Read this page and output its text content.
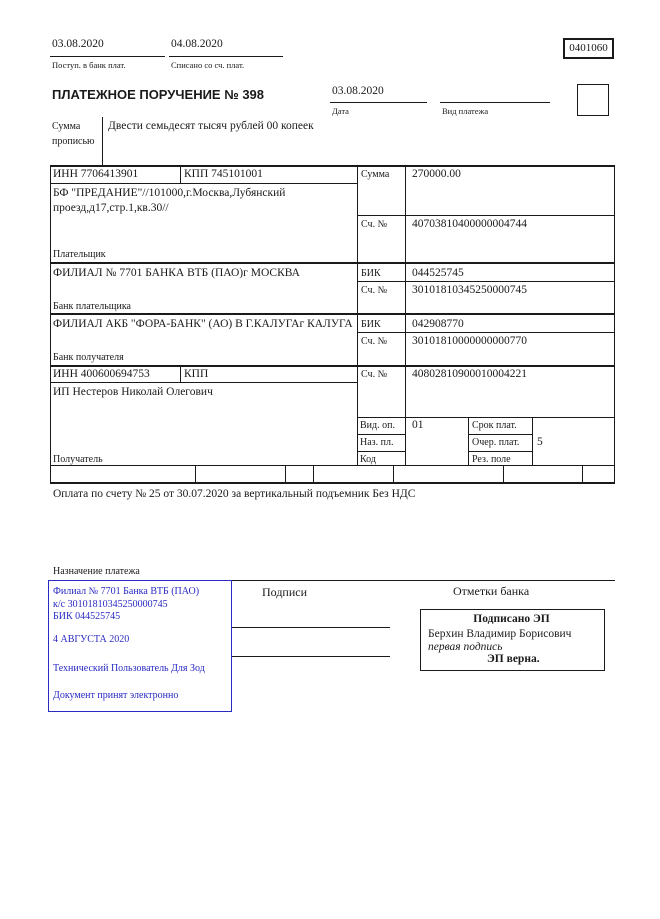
03.08.2020
Поступ. в банк плат.
04.08.2020
Списано со сч. плат.
0401060
ПЛАТЕЖНОЕ ПОРУЧЕНИЕ № 398	03.08.2020
Дата	Вид платежа
Сумма прописью
Двести семьдесят тысяч рублей 00 копеек
ИНН 7706413901	КПП 745101001
БФ "ПРЕДАНИЕ"//101000,г.Москва,Лубянский проезд,д17,стр.1,кв.30//
Плательщик
Сумма 270000.00
Сч. № 40703810400000004744
ФИЛИАЛ № 7701 БАНКА ВТБ (ПАО)г МОСКВА	БИК	044525745
Сч. № 30101810345250000745
Банк плательщика
ФИЛИАЛ АКБ "ФОРА-БАНК" (АО) В Г.КАЛУГАг КАЛУГА БИК	042908770
Сч. № 30101810000000000770
Банк получателя
ИНН 400600694753	КПП
ИП Нестеров Николай Олегович
Сч. № 40802810900010004221
Получатель
Вид. оп. 01	Срок плат.
Наз. пл.	Очер. плат. 5
Код	Рез. поле
Оплата по счету № 25 от 30.07.2020 за вертикальный подъемник Без НДС
Назначение платежа
Подписи	Отметки банка
Филиал № 7701 Банка ВТБ (ПАО)
к/с 30101810345250000745
БИК 044525745
4 АВГУСТА 2020
Технический Пользователь Для Зод
Документ принят электронно
Подписано ЭП
Берхин Владимир Борисович
первая подпись
ЭП верна.
